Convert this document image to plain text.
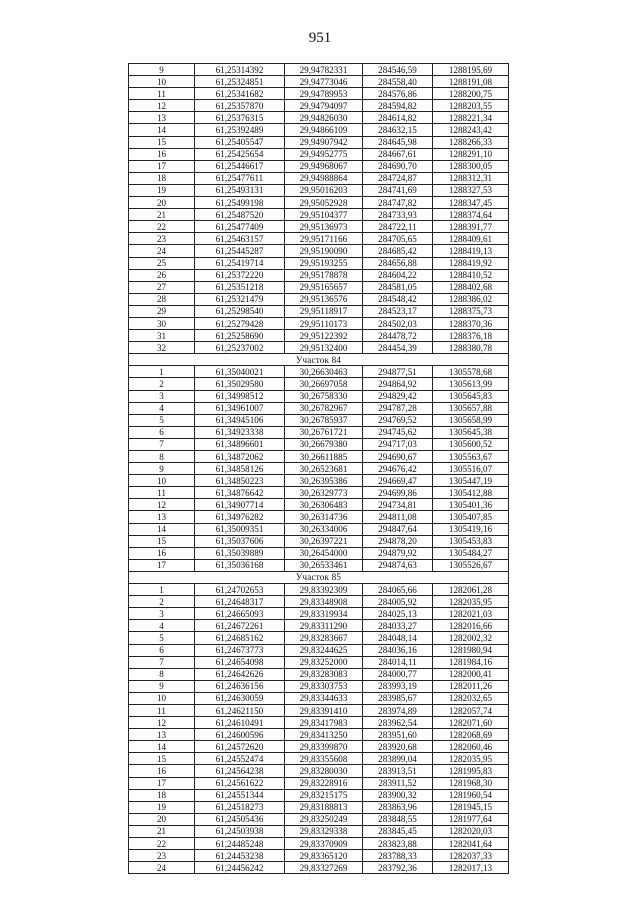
951
9	61,25314392	29,94782331	284546,59	1288195,69
10	61,25324851	29,94773046	284558,40	1288191,08
11	61,25341682	29,94789953	284576,86	1288200,75
12	61,25357870	29,94794097	284594,82	1288203,55
13	61,25376315	29,94826030	284614,82	1288221,34
14	61,25392489	29,94866109	284632,15	1288243,42
15	61,25405547	29,94907942	284645,98	1288266,33
16	61,25425654	29,94952775	284667,61	1288291,10
17	61,25446617	29,94968067	284690,70	1288300,05
18	61,25477611	29,94988864	284724,87	1288312,31
19	61,25493131	29,95016203	284741,69	1288327,53
20	61,25499198	29,95052928	284747,82	1288347,45
21	61,25487520	29,95104377	284733,93	1288374,64
22	61,25477409	29,95136973	284722,11	1288391,77
23	61,25463157	29,95171166	284705,65	1288409,61
24	61,25445287	29,95190090	284685,42	1288419,13
25	61,25419714	29,95193255	284656,88	1288419,92
26	61,25372220	29,95178878	284604,22	1288410,52
27	61,25351218	29,95165657	284581,05	1288402,68
28	61,25321479	29,95136576	284548,42	1288386,02
29	61,25298540	29,95118917	284523,17	1288375,73
30	61,25279428	29,95110173	284502,03	1288370,36
31	61,25258690	29,95122392	284478,72	1288376,18
32	61,25237002	29,95132400	284454,39	1288380,78
Участок 84				
1	61,35040021	30,26630463	294877,51	1305578,68
2	61,35029580	30,26697058	294864,92	1305613,99
3	61,34998512	30,26758330	294829,42	1305645,83
4	61,34961007	30,26782967	294787,28	1305657,88
5	61,34945106	30,26785937	294769,52	1305658,99
6	61,34923338	30,26761721	294745,62	1305645,38
7	61,34896601	30,26679380	294717,03	1305600,52
8	61,34872062	30,26611885	294690,67	1305563,67
9	61,34858126	30,26523681	294676,42	1305516,07
10	61,34850223	30,26395386	294669,47	1305447,19
11	61,34876642	30,26329773	294699,86	1305412,88
12	61,34907714	30,26306483	294734,81	1305401,36
13	61,34976282	30,26314736	294811,08	1305407,85
14	61,35009351	30,26334006	294847,64	1305419,16
15	61,35037606	30,26397221	294878,20	1305453,83
16	61,35039889	30,26454000	294879,92	1305484,27
17	61,35036168	30,26533461	294874,63	1305526,67
Участок 85				
1	61,24702653	29,83392309	284065,66	1282061,28
2	61,24648317	29,83348908	284005,92	1282035,95
3	61,24665093	29,83319934	284025,13	1282021,03
4	61,24672261	29,83311290	284033,27	1282016,66
5	61,24685162	29,83283667	284048,14	1282002,32
6	61,24673773	29,83244625	284036,16	1281980,94
7	61,24654098	29,83252000	284014,11	1281984,16
8	61,24642626	29,83283083	284000,77	1282000,41
9	61,24636156	29,83303753	283993,19	1282011,26
10	61,24630059	29,83344633	283985,67	1282032,65
11	61,24621150	29,83391410	283974,89	1282057,74
12	61,24610491	29,83417983	283962,54	1282071,60
13	61,24600596	29,83413250	283951,60	1282068,69
14	61,24572620	29,83399870	283920,68	1282060,46
15	61,24552474	29,83355608	283899,04	1282035,95
16	61,24564238	29,83280030	283913,51	1281995,83
17	61,24561622	29,83228916	283911,52	1281968,30
18	61,24551344	29,83215175	283900,32	1281960,54
19	61,24518273	29,83188813	283863,96	1281945,15
20	61,24505436	29,83250249	283848,55	1281977,64
21	61,24503938	29,83329338	283845,45	1282020,03
22	61,24485248	29,83370909	283823,88	1282041,64
23	61,24453238	29,83365120	283788,33	1282037,33
24	61,24456242	29,83327269	283792,36	1282017,13
